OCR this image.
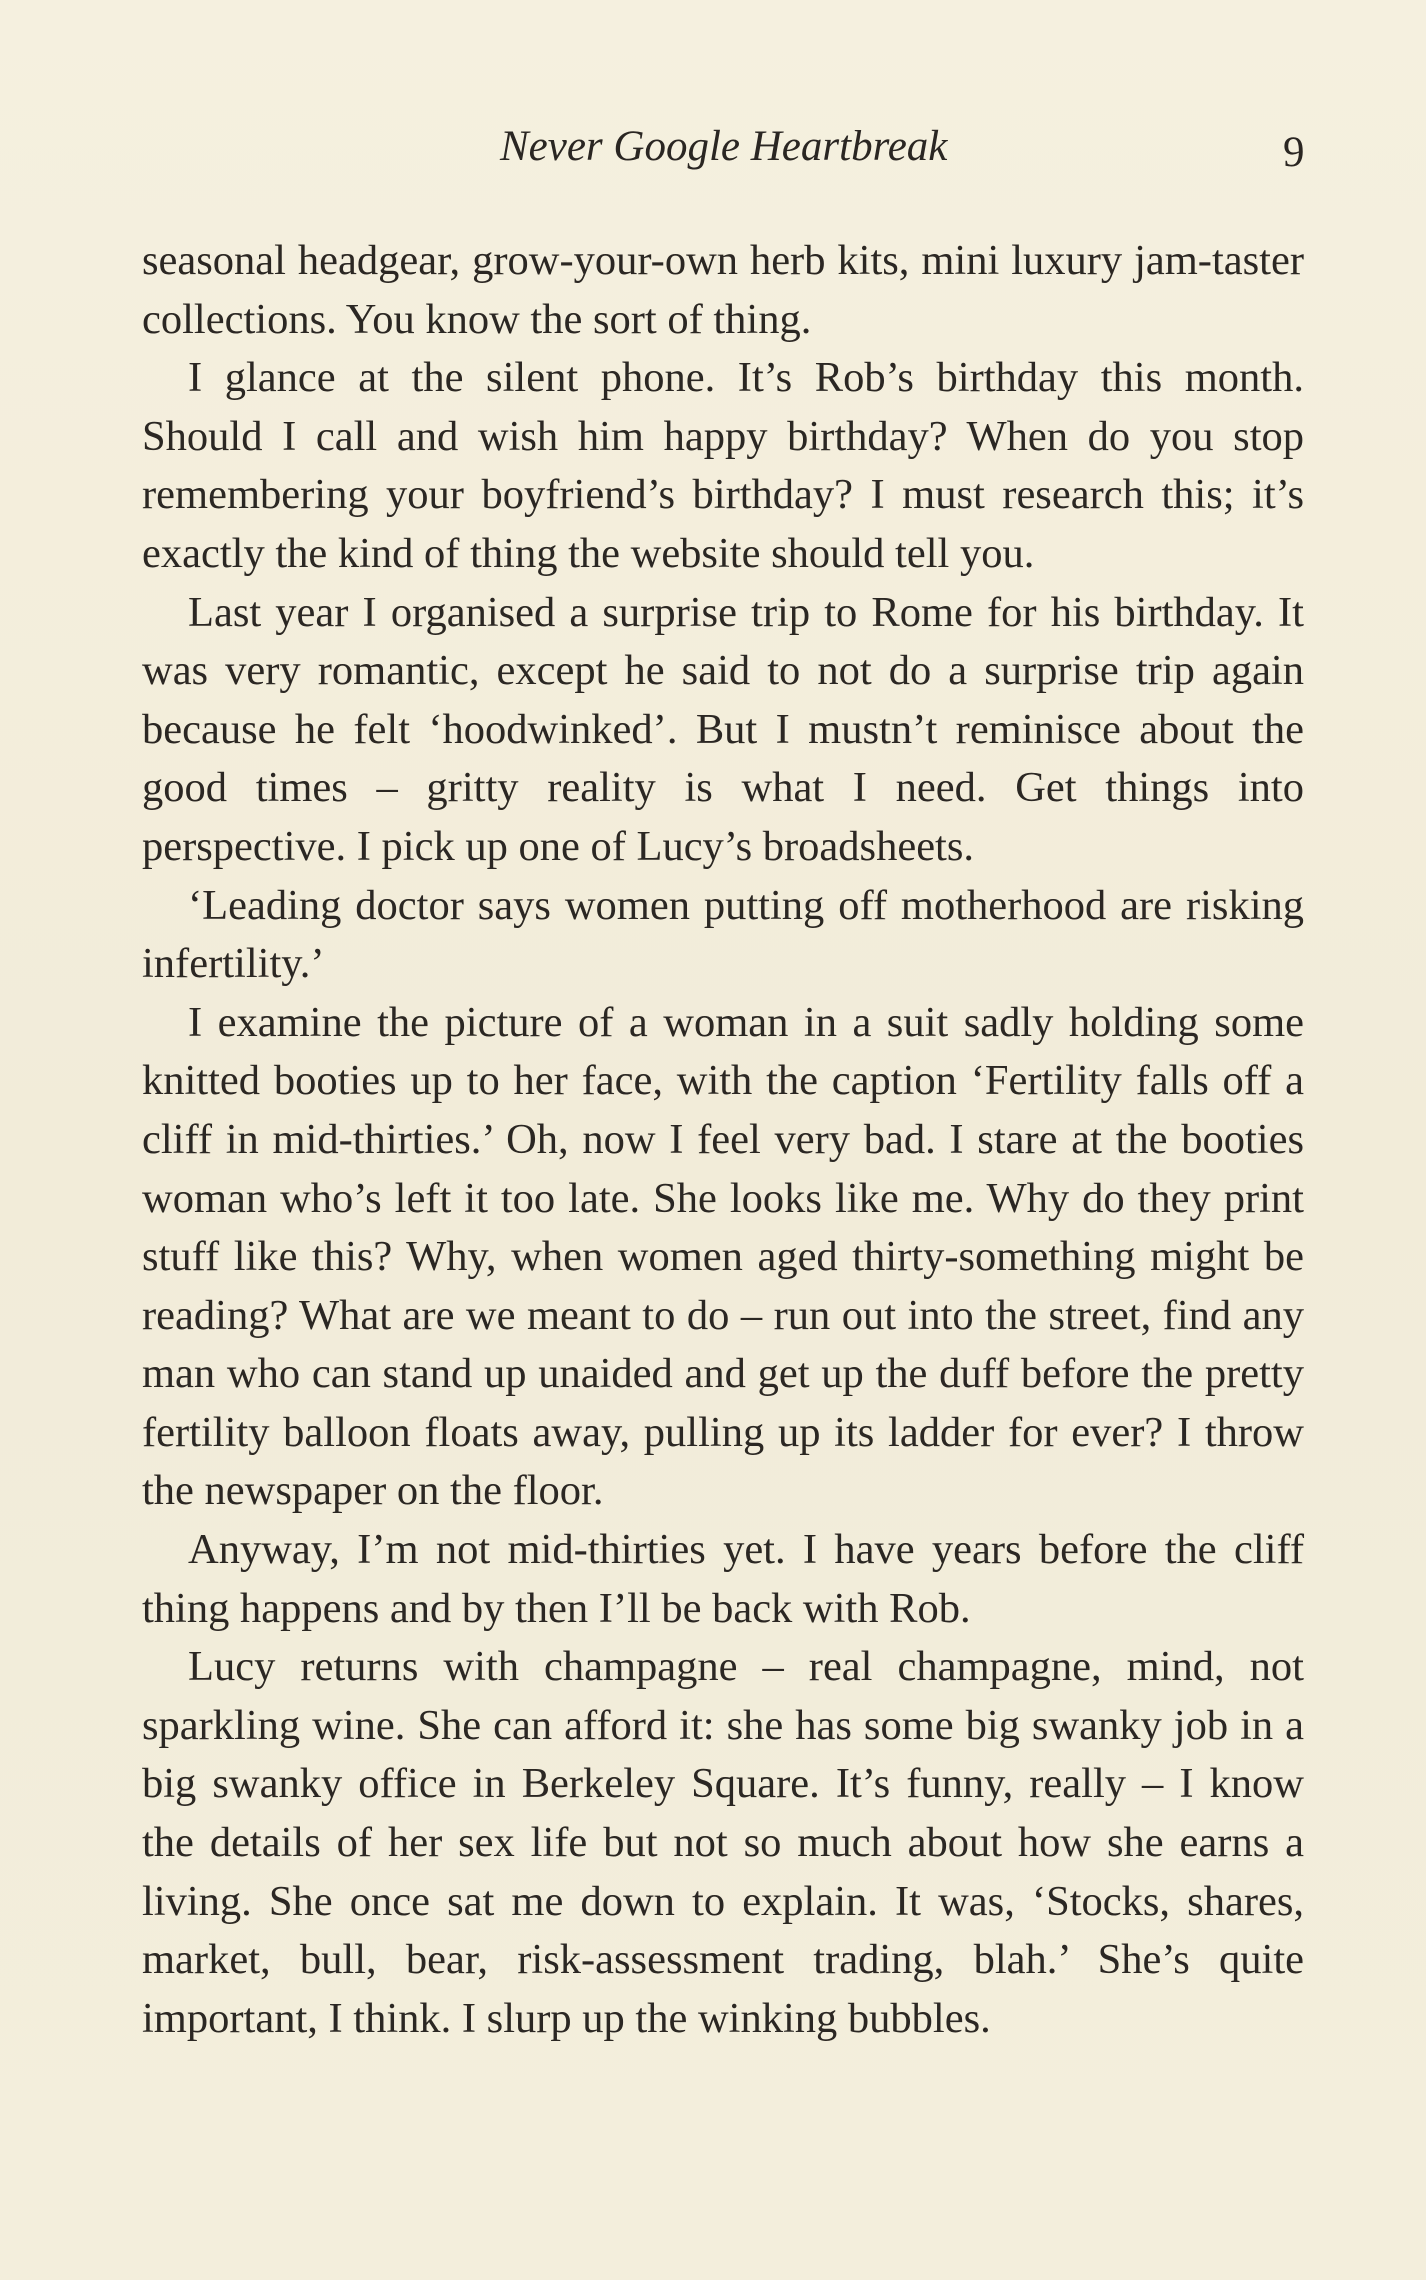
Never Google Heartbreak	9

seasonal headgear, grow-your-own herb kits, mini luxury jam-taster collections. You know the sort of thing.

I glance at the silent phone. It’s Rob’s birthday this month. Should I call and wish him happy birthday? When do you stop remembering your boyfriend’s birthday? I must research this; it’s exactly the kind of thing the website should tell you.

Last year I organised a surprise trip to Rome for his birthday. It was very romantic, except he said to not do a surprise trip again because he felt ‘hoodwinked’. But I mustn’t reminisce about the good times – gritty reality is what I need. Get things into perspective. I pick up one of Lucy’s broadsheets.

‘Leading doctor says women putting off motherhood are risking infertility.’

I examine the picture of a woman in a suit sadly holding some knitted booties up to her face, with the caption ‘Fertility falls off a cliff in mid-thirties.’ Oh, now I feel very bad. I stare at the booties woman who’s left it too late. She looks like me. Why do they print stuff like this? Why, when women aged thirty-something might be reading? What are we meant to do – run out into the street, find any man who can stand up unaided and get up the duff before the pretty fertility balloon floats away, pulling up its ladder for ever? I throw the newspaper on the floor.

Anyway, I’m not mid-thirties yet. I have years before the cliff thing happens and by then I’ll be back with Rob.

Lucy returns with champagne – real champagne, mind, not sparkling wine. She can afford it: she has some big swanky job in a big swanky office in Berkeley Square. It’s funny, really – I know the details of her sex life but not so much about how she earns a living. She once sat me down to explain. It was, ‘Stocks, shares, market, bull, bear, risk-assessment trading, blah.’ She’s quite important, I think. I slurp up the winking bubbles.
